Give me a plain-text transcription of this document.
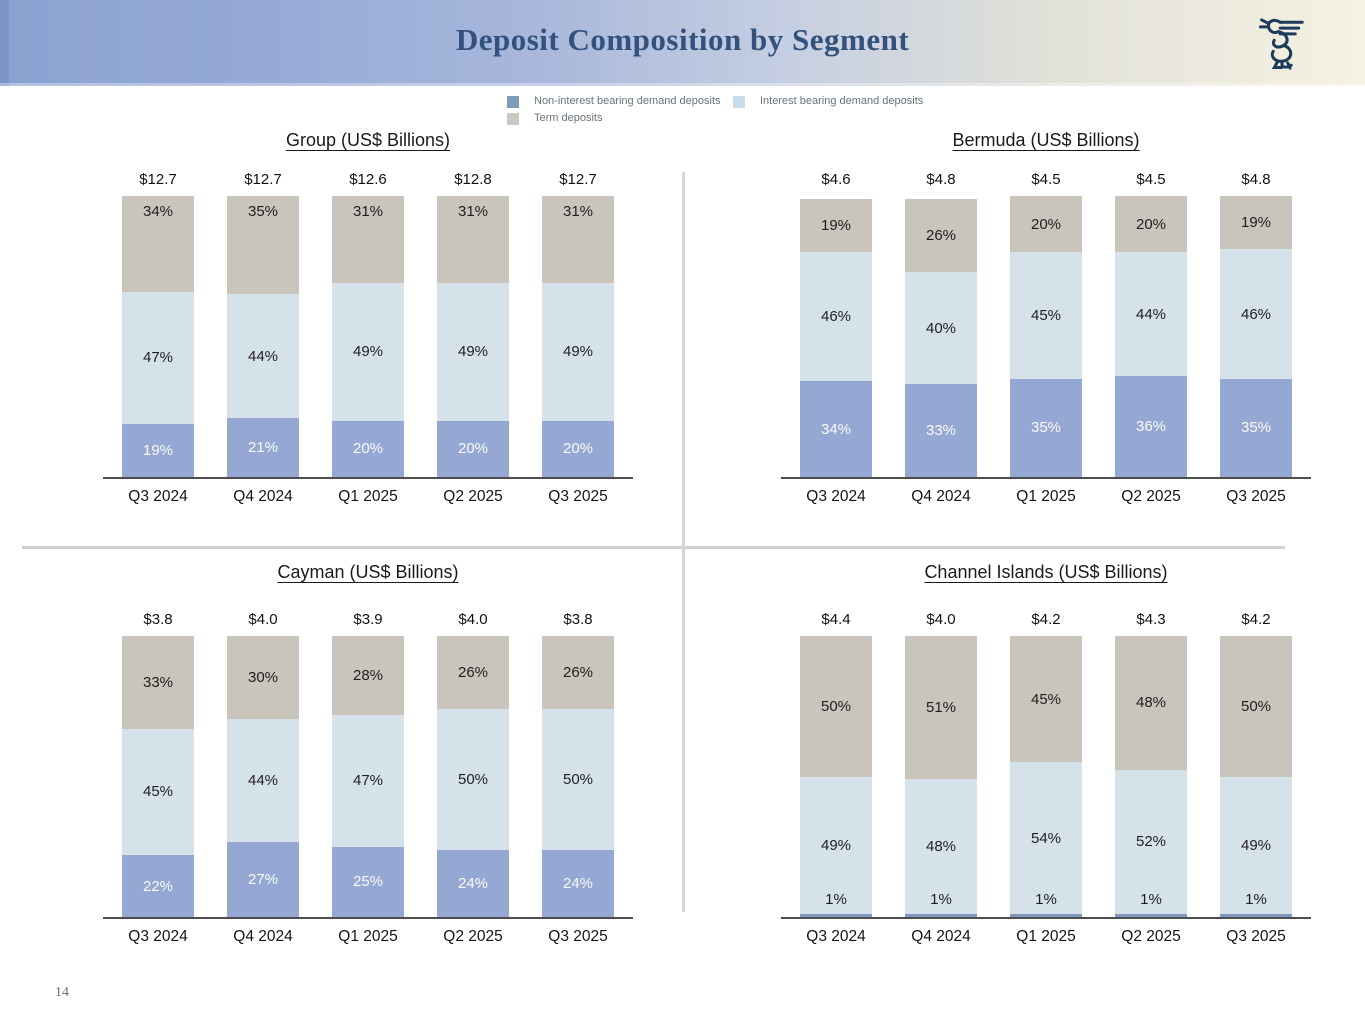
Deposit Composition by Segment
Non-interest bearing demand deposits	Interest bearing demand deposits
Term deposits
Group (US$ Billions)
$12.7
34%
47%
19%
Q3 2024
$12.7
35%
44%
21%
Q4 2024
$12.6
31%
49%
20%
Q1 2025
$12.8
31%
49%
20%
Q2 2025
$12.7
31%
49%
20%
Q3 2025
Bermuda (US$ Billions)
$4.6
19%
46%
34%
Q3 2024
$4.8
26%
40%
33%
Q4 2024
$4.5
20%
45%
35%
Q1 2025
$4.5
20%
44%
36%
Q2 2025
$4.8
19%
46%
35%
Q3 2025
Cayman (US$ Billions)
$3.8
33%
45%
22%
Q3 2024
$4.0
30%
44%
27%
Q4 2024
$3.9
28%
47%
25%
Q1 2025
$4.0
26%
50%
24%
Q2 2025
$3.8
26%
50%
24%
Q3 2025
Channel Islands (US$ Billions)
$4.4
50%
49%
1%
Q3 2024
$4.0
51%
48%
1%
Q4 2024
$4.2
45%
54%
1%
Q1 2025
$4.3
48%
52%
1%
Q2 2025
$4.2
50%
49%
1%
Q3 2025
14
